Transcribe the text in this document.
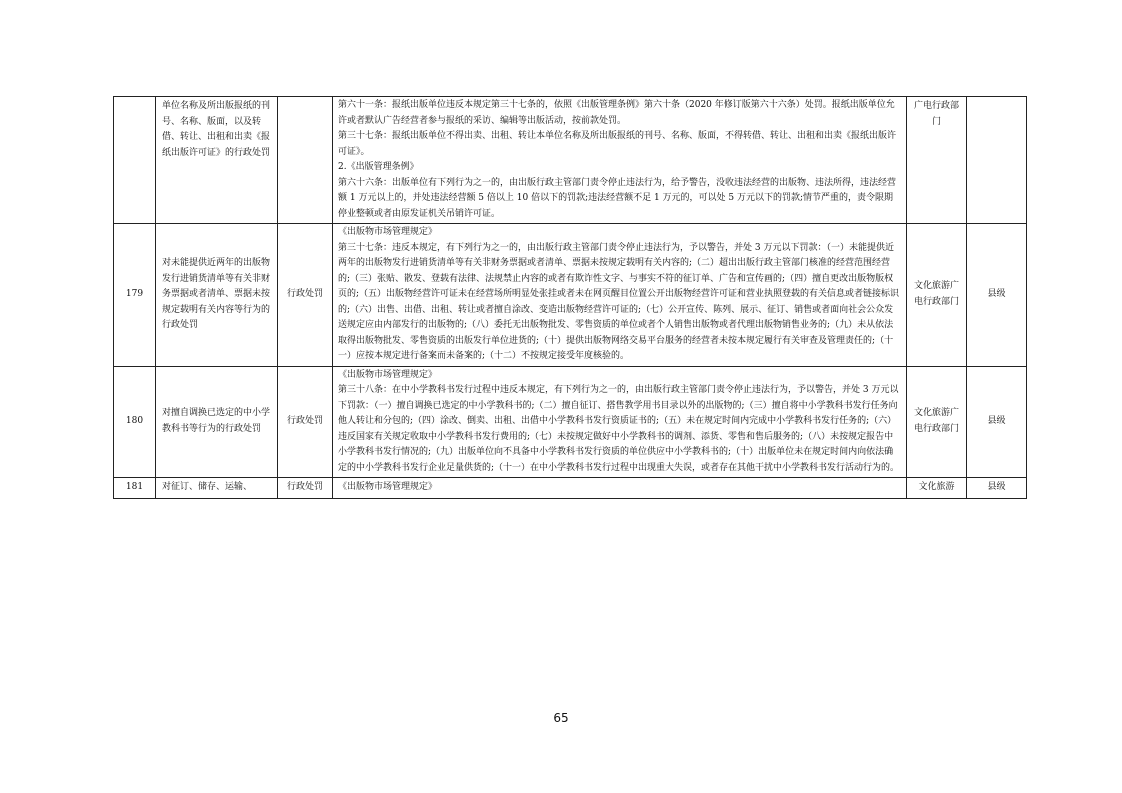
	单位名称及所出版报纸的刊号、名称、版面，以及转借、转让、出租和出卖《报纸出版许可证》的行政处罚		第六十一条：报纸出版单位违反本规定第三十七条的，依照《出版管理条例》第六十条（2020 年修订版第六十六条）处罚。报纸出版单位允许或者默认广告经营者参与报纸的采访、编辑等出版活动，按前款处罚。

第三十七条：报纸出版单位不得出卖、出租、转让本单位名称及所出版报纸的刊号、名称、版面，不得转借、转让、出租和出卖《报纸出版许可证》。

2.《出版管理条例》

第六十六条：出版单位有下列行为之一的，由出版行政主管部门责令停止违法行为，给予警告，没收违法经营的出版物、违法所得，违法经营额 1 万元以上的，并处违法经营额 5 倍以上 10 倍以下的罚款;违法经营额不足 1 万元的，可以处 5 万元以下的罚款;情节严重的，责令限期停业整顿或者由原发证机关吊销许可证。	广电行政部门	
179	对未能提供近两年的出版物发行进销货清单等有关非财务票据或者清单、票据未按规定载明有关内容等行为的行政处罚	行政处罚	《出版物市场管理规定》

第三十七条：违反本规定，有下列行为之一的，由出版行政主管部门责令停止违法行为，予以警告，并处 3 万元以下罚款：（一）未能提供近两年的出版物发行进销货清单等有关非财务票据或者清单、票据未按规定载明有关内容的;（二）超出出版行政主管部门核准的经营范围经营的;（三）张贴、散发、登载有法律、法规禁止内容的或者有欺诈性文字、与事实不符的征订单、广告和宣传画的;（四）擅自更改出版物版权页的;（五）出版物经营许可证未在经营场所明显处张挂或者未在网页醒目位置公开出版物经营许可证和营业执照登载的有关信息或者链接标识的;（六）出售、出借、出租、转让或者擅自涂改、变造出版物经营许可证的;（七）公开宣传、陈列、展示、征订、销售或者面向社会公众发送规定应由内部发行的出版物的;（八）委托无出版物批发、零售资质的单位或者个人销售出版物或者代理出版物销售业务的;（九）未从依法取得出版物批发、零售资质的出版发行单位进货的;（十）提供出版物网络交易平台服务的经营者未按本规定履行有关审查及管理责任的;（十一）应按本规定进行备案而未备案的;（十二）不按规定接受年度核验的。	文化旅游广电行政部门	县级
180	对擅自调换已选定的中小学教科书等行为的行政处罚	行政处罚	《出版物市场管理规定》

第三十八条：在中小学教科书发行过程中违反本规定，有下列行为之一的，由出版行政主管部门责令停止违法行为，予以警告，并处 3 万元以下罚款：（一）擅自调换已选定的中小学教科书的;（二）擅自征订、搭售教学用书目录以外的出版物的;（三）擅自将中小学教科书发行任务向他人转让和分包的;（四）涂改、倒卖、出租、出借中小学教科书发行资质证书的;（五）未在规定时间内完成中小学教科书发行任务的;（六）违反国家有关规定收取中小学教科书发行费用的;（七）未按规定做好中小学教科书的调剂、添货、零售和售后服务的;（八）未按规定报告中小学教科书发行情况的;（九）出版单位向不具备中小学教科书发行资质的单位供应中小学教科书的;（十）出版单位未在规定时间内向依法确定的中小学教科书发行企业足量供货的;（十一）在中小学教科书发行过程中出现重大失误，或者存在其他干扰中小学教科书发行活动行为的。	文化旅游广电行政部门	县级
181	对征订、储存、运输、	行政处罚	《出版物市场管理规定》	文化旅游	县级
65
